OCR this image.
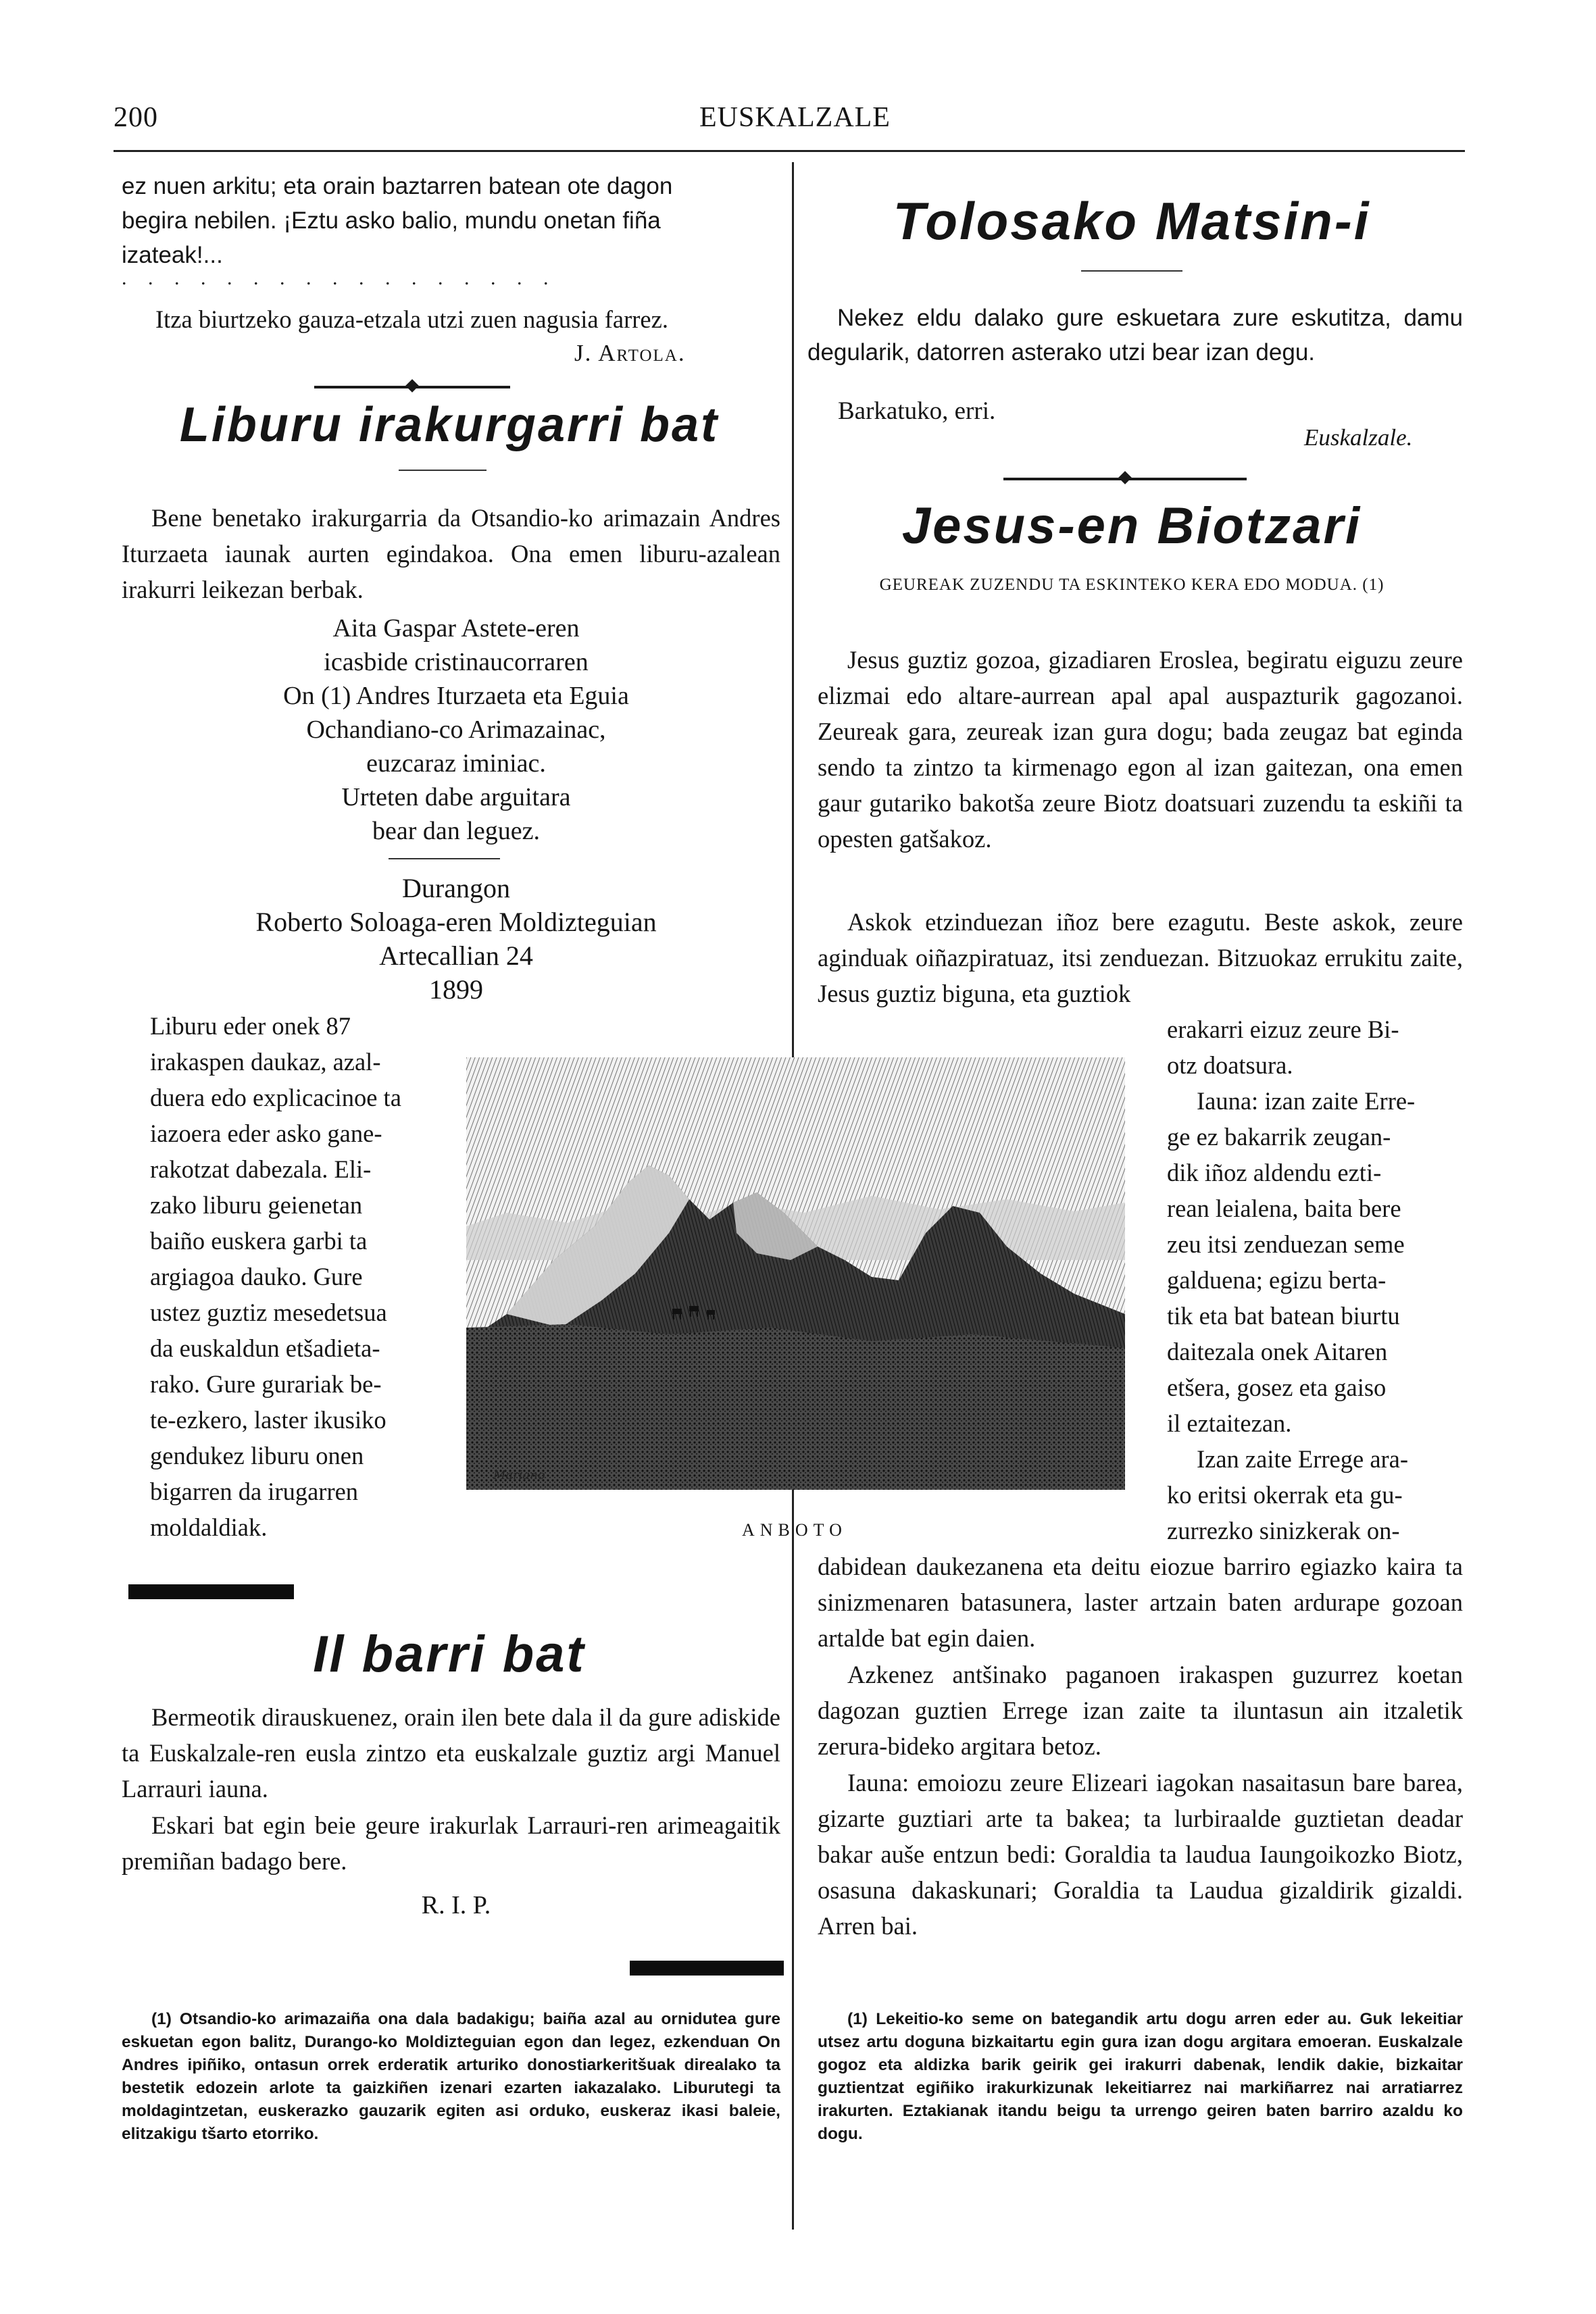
200	EUSKALZALE
ez nuen arkitu; eta orain baztarren batean ote dagon
begira nebilen. ¡Eztu asko balio, mundu onetan fiña
izateak!...
. . . . . . . . . . . . . . . . .
Itza biurtzeko gauza-etzala utzi zuen nagusia farrez.
J. Artola.
Liburu irakurgarri bat

Bene benetako irakurgarria da Otsandio-ko arimazain Andres Iturzaeta iaunak aurten egindakoa. Ona emen liburu-azalean irakurri leikezan berbak.

Aita Gaspar Astete-eren
icasbide cristinaucorraren
On (1) Andres Iturzaeta eta Eguia
Ochandiano-co Arimazainac,
euzcaraz iminiac.
Urteten dabe arguitara
bear dan leguez.
Durangon
Roberto Soloaga-eren Moldizteguian
Artecallian 24
1899
Liburu eder onek 87
irakaspen daukaz, azal-
duera edo explicacinoe ta
iazoera eder asko gane-
rakotzat dabezala. Eli-
zako liburu geienetan
baiño euskera garbi ta
argiagoa dauko. Gure
ustez guztiz mesedetsua
da euskaldun etšadieta-
rako. Gure gurariak be-
te-ezkero, laster ikusiko
gendukez liburu onen
bigarren da irugarren
moldaldiak.
Il barri bat

Bermeotik dirauskuenez, orain ilen bete dala il da gure adiskide ta Euskalzale-ren eusla zintzo eta euskalzale guztiz argi Manuel Larrauri iauna.

Eskari bat egin beie geure irakurlak Larrauri-ren arimeagaitik premiñan badago bere.

R. I. P.

(1) Otsandio-ko arimazaiña ona dala badakigu; baiña azal au ornidutea gure eskuetan egon balitz, Durango-ko Moldizteguian egon dan legez, ezkenduan On Andres ipiñiko, ontasun orrek erderatik arturiko donostiarkeritšuak direalako ta bestetik edozein arlote ta gaizkiñen izenari ezarten iakazalako. Liburutegi ta moldagintzetan, euskerazko gauzarik egiten asi orduko, euskeraz ikasi baleie, elitzakigu tšarto etorriko.

Mariano
ANBOTO
Tolosako Matsin-i

Nekez eldu dalako gure eskuetara zure eskutitza, damu degularik, datorren asterako utzi bear izan degu.

Barkatuko, erri.
Euskalzale.
Jesus-en Biotzari
GEUREAK ZUZENDU TA ESKINTEKO KERA EDO MODUA. (1)

Jesus guztiz gozoa, gizadiaren Eroslea, begiratu eiguzu zeure elizmai edo altare-aurrean apal apal auspazturik gagozanoi. Zeureak gara, zeureak izan gura dogu; bada zeugaz bat eginda sendo ta zintzo ta kirmenago egon al izan gaitezan, ona emen gaur gutariko bakotša zeure Biotz doatsuari zuzendu ta eskiñi ta opesten gatšakoz.

Askok etzinduezan iñoz bere ezagutu. Beste askok, zeure aginduak oiñazpiratuaz, itsi zenduezan. Bitzuokaz errukitu zaite, Jesus guztiz biguna, eta guztiok

erakarri eizuz zeure Bi-
otz doatsura.
Iauna: izan zaite Erre-
ge ez bakarrik zeugan-
dik iñoz aldendu ezti-
rean leialena, baita bere
zeu itsi zenduezan seme
galduena; egizu berta-
tik eta bat batean biurtu
daitezala onek Aitaren
etšera, gosez eta gaiso
il eztaitezan.
Izan zaite Errege ara-
ko eritsi okerrak eta gu-
zurrezko sinizkerak on-

dabidean daukezanena eta deitu eiozue barriro egiazko kaira ta sinizmenaren batasunera, laster artzain baten ardurape gozoan artalde bat egin daien.

Azkenez antšinako paganoen irakaspen guzurrez koetan dagozan guztien Errege izan zaite ta iluntasun ain itzaletik zerura-bideko argitara betoz.

Iauna: emoiozu zeure Elizeari iagokan nasaitasun bare barea, gizarte guztiari arte ta bakea; ta lurbiraalde guztietan deadar bakar auše entzun bedi: Goraldia ta laudua Iaungoikozko Biotz, osasuna dakaskunari; Goraldia ta Laudua gizaldirik gizaldi. Arren bai.

(1) Lekeitio-ko seme on bategandik artu dogu arren eder au. Guk lekeitiar utsez artu doguna bizkaitartu egin gura izan dogu argitara emoeran. Euskalzale gogoz eta aldizka barik geirik gei irakurri dabenak, lendik dakie, bizkaitar guztientzat egiñiko irakurkizunak lekeitiarrez nai markiñarrez nai arratiarrez irakurten. Eztakianak itandu beigu ta urrengo geiren baten barriro azaldu ko dogu.
